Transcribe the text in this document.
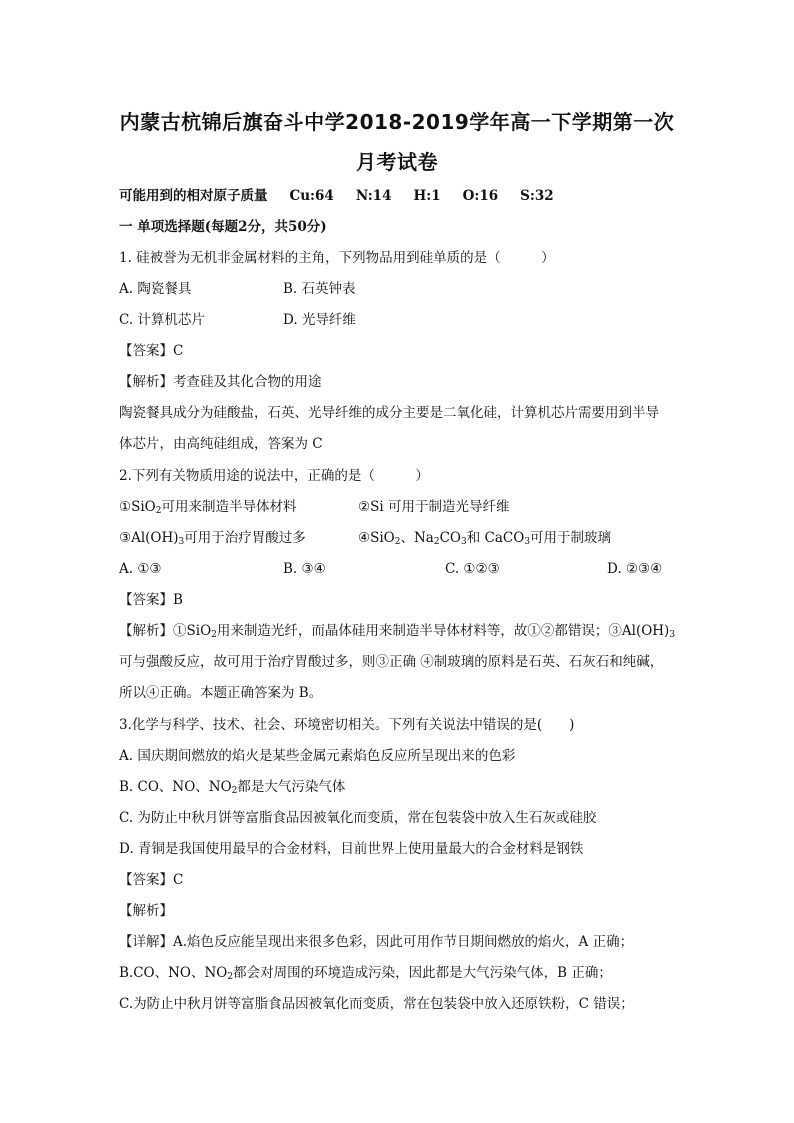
内蒙古杭锦后旗奋斗中学2018-2019学年高一下学期第一次
月考试卷
可能用到的相对原子质量 Cu:64 N:14 H:1 O:16 S:32
一 单项选择题(每题2分，共50分)
1. 硅被誉为无机非金属材料的主角，下列物品用到硅单质的是（　　　）
A. 陶瓷餐具	B. 石英钟表
C. 计算机芯片	D. 光导纤维
【答案】C
【解析】考查硅及其化合物的用途
陶瓷餐具成分为硅酸盐，石英、光导纤维的成分主要是二氧化硅，计算机芯片需要用到半导
体芯片，由高纯硅组成，答案为 C
2.下列有关物质用途的说法中，正确的是（　　　）
①SiO$_2$可用来制造半导体材料	②Si 可用于制造光导纤维
$③Al(OH)_3$可用于治疗胃酸过多	④SiO$_2$、$Na_2CO_3$和 CaCO$_3$可用于制玻璃
A. ①③	B. ③④	C. ①②③	D. ②③④
【答案】B
【解析】①SiO$_2$用来制造光纤，而晶体硅用来制造半导体材料等，故①②都错误；$③Al(OH)_3$
可与强酸反应，故可用于治疗胃酸过多，则③正确 ④制玻璃的原料是石英、石灰石和纯碱，
所以④正确。本题正确答案为 B。
3.化学与科学、技术、社会、环境密切相关。下列有关说法中错误的是(　　)
A. 国庆期间燃放的焰火是某些金属元素焰色反应所呈现出来的色彩
B. CO、NO、$NO_2$都是大气污染气体
C. 为防止中秋月饼等富脂食品因被氧化而变质，常在包装袋中放入生石灰或硅胶
D. 青铜是我国使用最早的合金材料，目前世界上使用量最大的合金材料是钢铁
【答案】C
【解析】
【详解】A.焰色反应能呈现出来很多色彩，因此可用作节日期间燃放的焰火，A 正确；
B.CO、NO、$NO_2$都会对周围的环境造成污染，因此都是大气污染气体，B 正确；
C.为防止中秋月饼等富脂食品因被氧化而变质，常在包装袋中放入还原铁粉，C 错误；
